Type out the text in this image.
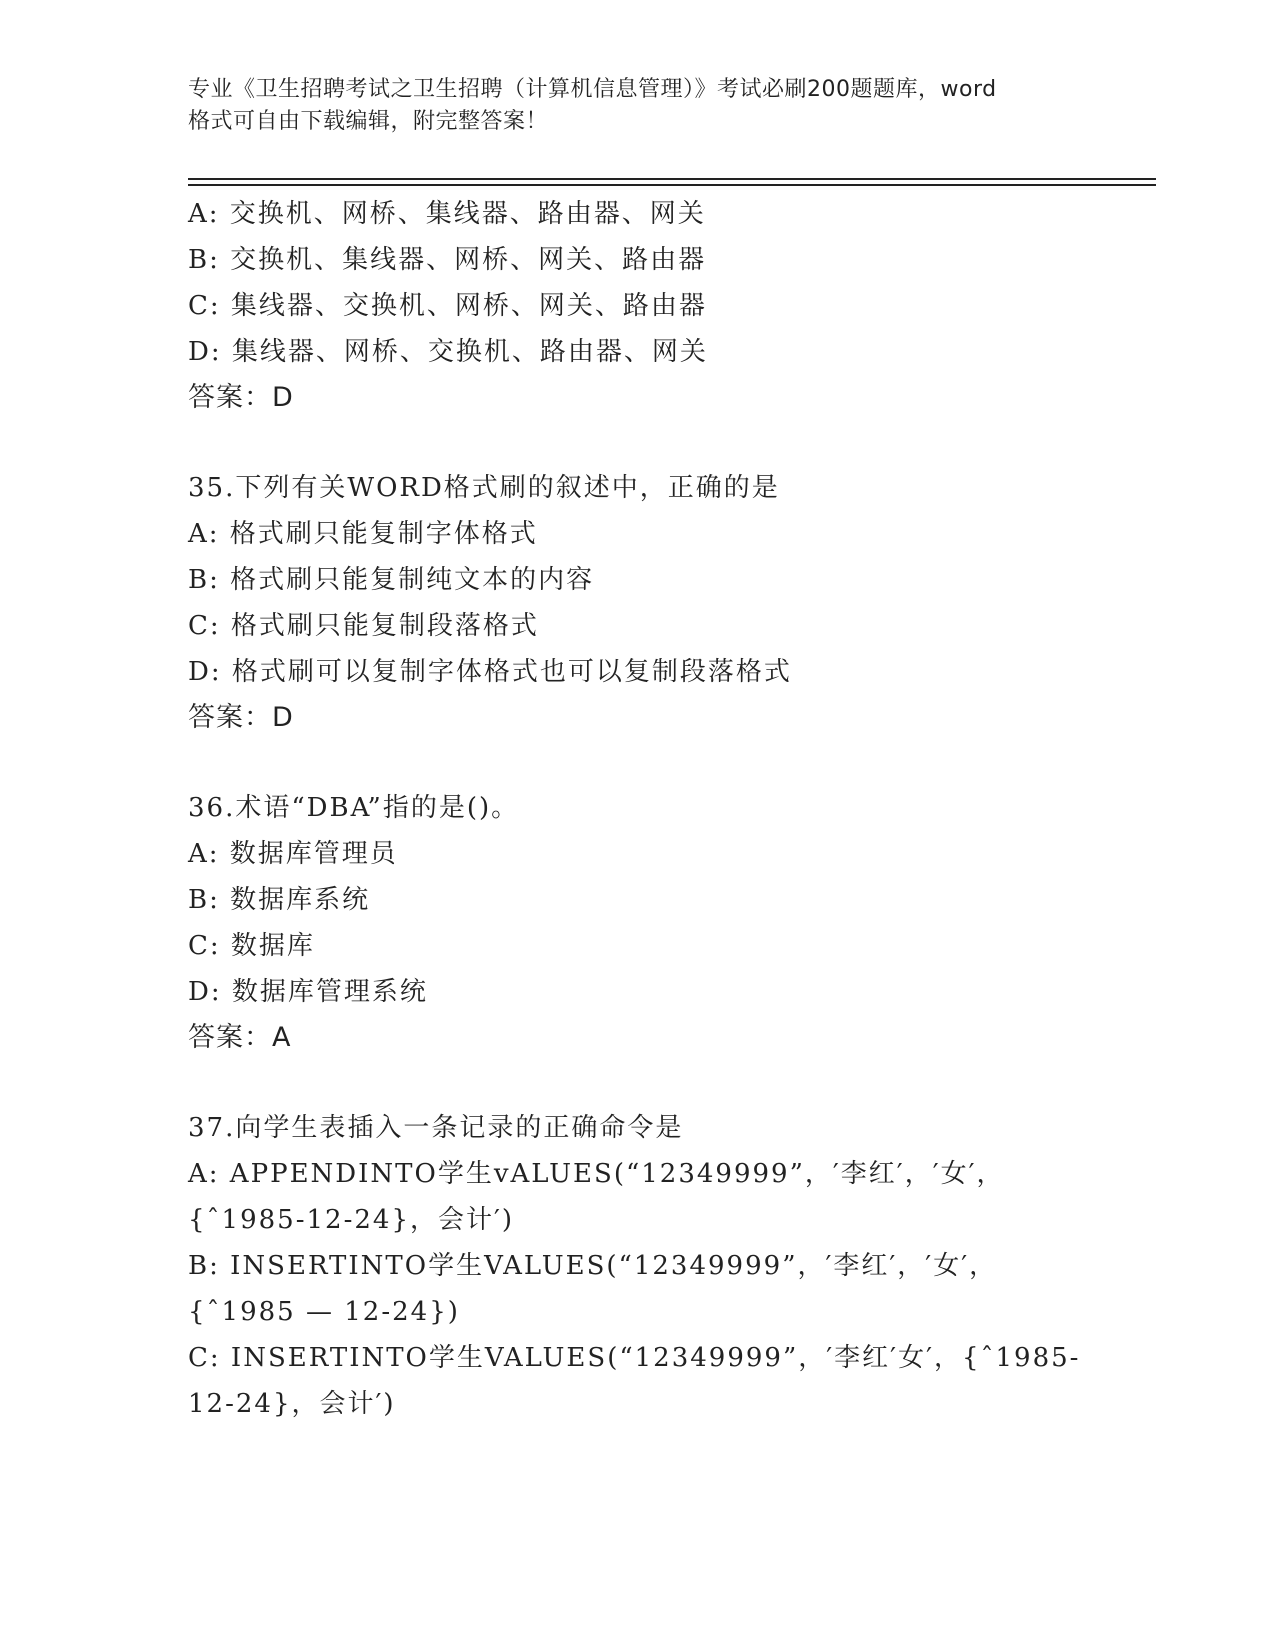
专业《卫生招聘考试之卫生招聘（计算机信息管理）》考试必刷200题题库，word
格式可自由下载编辑，附完整答案！
A: 交换机、网桥、集线器、路由器、网关
B: 交换机、集线器、网桥、网关、路由器
C: 集线器、交换机、网桥、网关、路由器
D: 集线器、网桥、交换机、路由器、网关
答案：D
35.下列有关WORD格式刷的叙述中，正确的是
A: 格式刷只能复制字体格式
B: 格式刷只能复制纯文本的内容
C: 格式刷只能复制段落格式
D: 格式刷可以复制字体格式也可以复制段落格式
答案：D
36.术语“DBA”指的是()。
A: 数据库管理员
B: 数据库系统
C: 数据库
D: 数据库管理系统
答案：A
37.向学生表插入一条记录的正确命令是
A: APPENDINTO学生vALUES(“12349999”，′李红′，′女′，
{ˆ1985-12-24}，会计′)
B: INSERTINTO学生VALUES(“12349999”，′李红′，′女′，
{ˆ1985 — 12-24})
C: INSERTINTO学生VALUES(“12349999”，′李红′女′，{ˆ1985-
12-24}，会计′)
